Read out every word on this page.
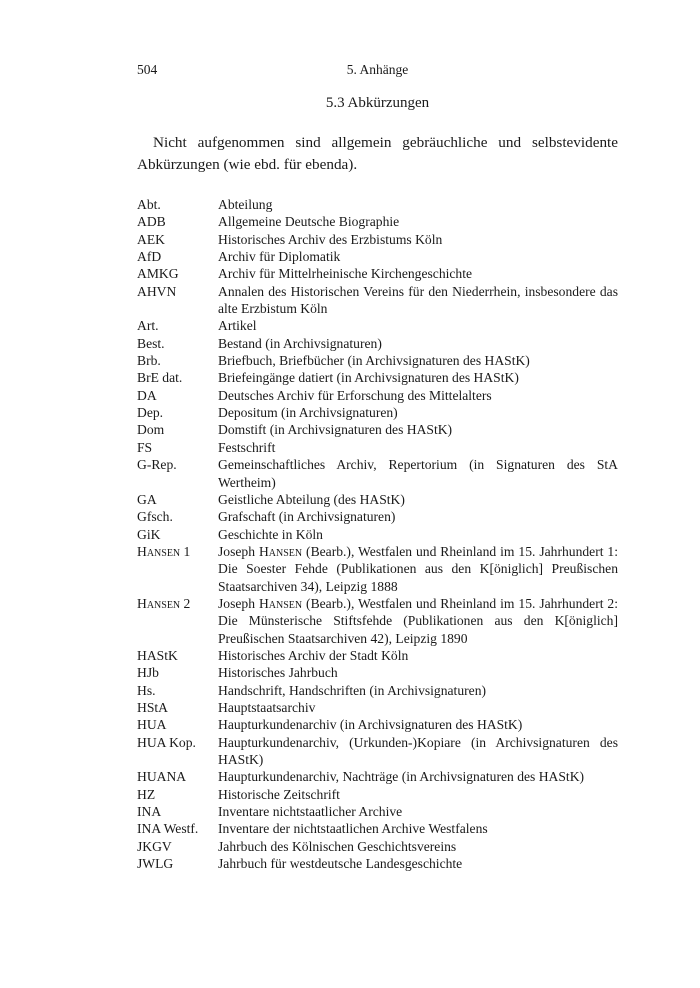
504	5. Anhänge
5.3 Abkürzungen

Nicht aufgenommen sind allgemein gebräuchliche und selbstevidente Abkürzungen (wie ebd. für ebenda).

Abt.	Abteilung
ADB	Allgemeine Deutsche Biographie
AEK	Historisches Archiv des Erzbistums Köln
AfD	Archiv für Diplomatik
AMKG	Archiv für Mittelrheinische Kirchengeschichte
AHVN	Annalen des Historischen Vereins für den Niederrhein, insbesondere das alte Erzbistum Köln
Art.	Artikel
Best.	Bestand (in Archivsignaturen)
Brb.	Briefbuch, Briefbücher (in Archivsignaturen des HAStK)
BrE dat.	Briefeingänge datiert (in Archivsignaturen des HAStK)
DA	Deutsches Archiv für Erforschung des Mittelalters
Dep.	Depositum (in Archivsignaturen)
Dom	Domstift (in Archivsignaturen des HAStK)
FS	Festschrift
G-Rep.	Gemeinschaftliches Archiv, Repertorium (in Signaturen des StA Wertheim)
GA	Geistliche Abteilung (des HAStK)
Gfsch.	Grafschaft (in Archivsignaturen)
GiK	Geschichte in Köln
Hansen 1	Joseph Hansen (Bearb.), Westfalen und Rheinland im 15. Jahrhundert 1: Die Soester Fehde (Publikationen aus den K[öniglich] Preußischen Staatsarchiven 34), Leipzig 1888
Hansen 2	Joseph Hansen (Bearb.), Westfalen und Rheinland im 15. Jahrhundert 2: Die Münsterische Stiftsfehde (Publikationen aus den K[öniglich] Preußischen Staatsarchiven 42), Leipzig 1890
HAStK	Historisches Archiv der Stadt Köln
HJb	Historisches Jahrbuch
Hs.	Handschrift, Handschriften (in Archivsignaturen)
HStA	Hauptstaatsarchiv
HUA	Haupturkundenarchiv (in Archivsignaturen des HAStK)
HUA Kop.	Haupturkundenarchiv, (Urkunden-)Kopiare (in Archivsignaturen des HAStK)
HUANA	Haupturkundenarchiv, Nachträge (in Archivsignaturen des HAStK)
HZ	Historische Zeitschrift
INA	Inventare nichtstaatlicher Archive
INA Westf.	Inventare der nichtstaatlichen Archive Westfalens
JKGV	Jahrbuch des Kölnischen Geschichtsvereins
JWLG	Jahrbuch für westdeutsche Landesgeschichte
